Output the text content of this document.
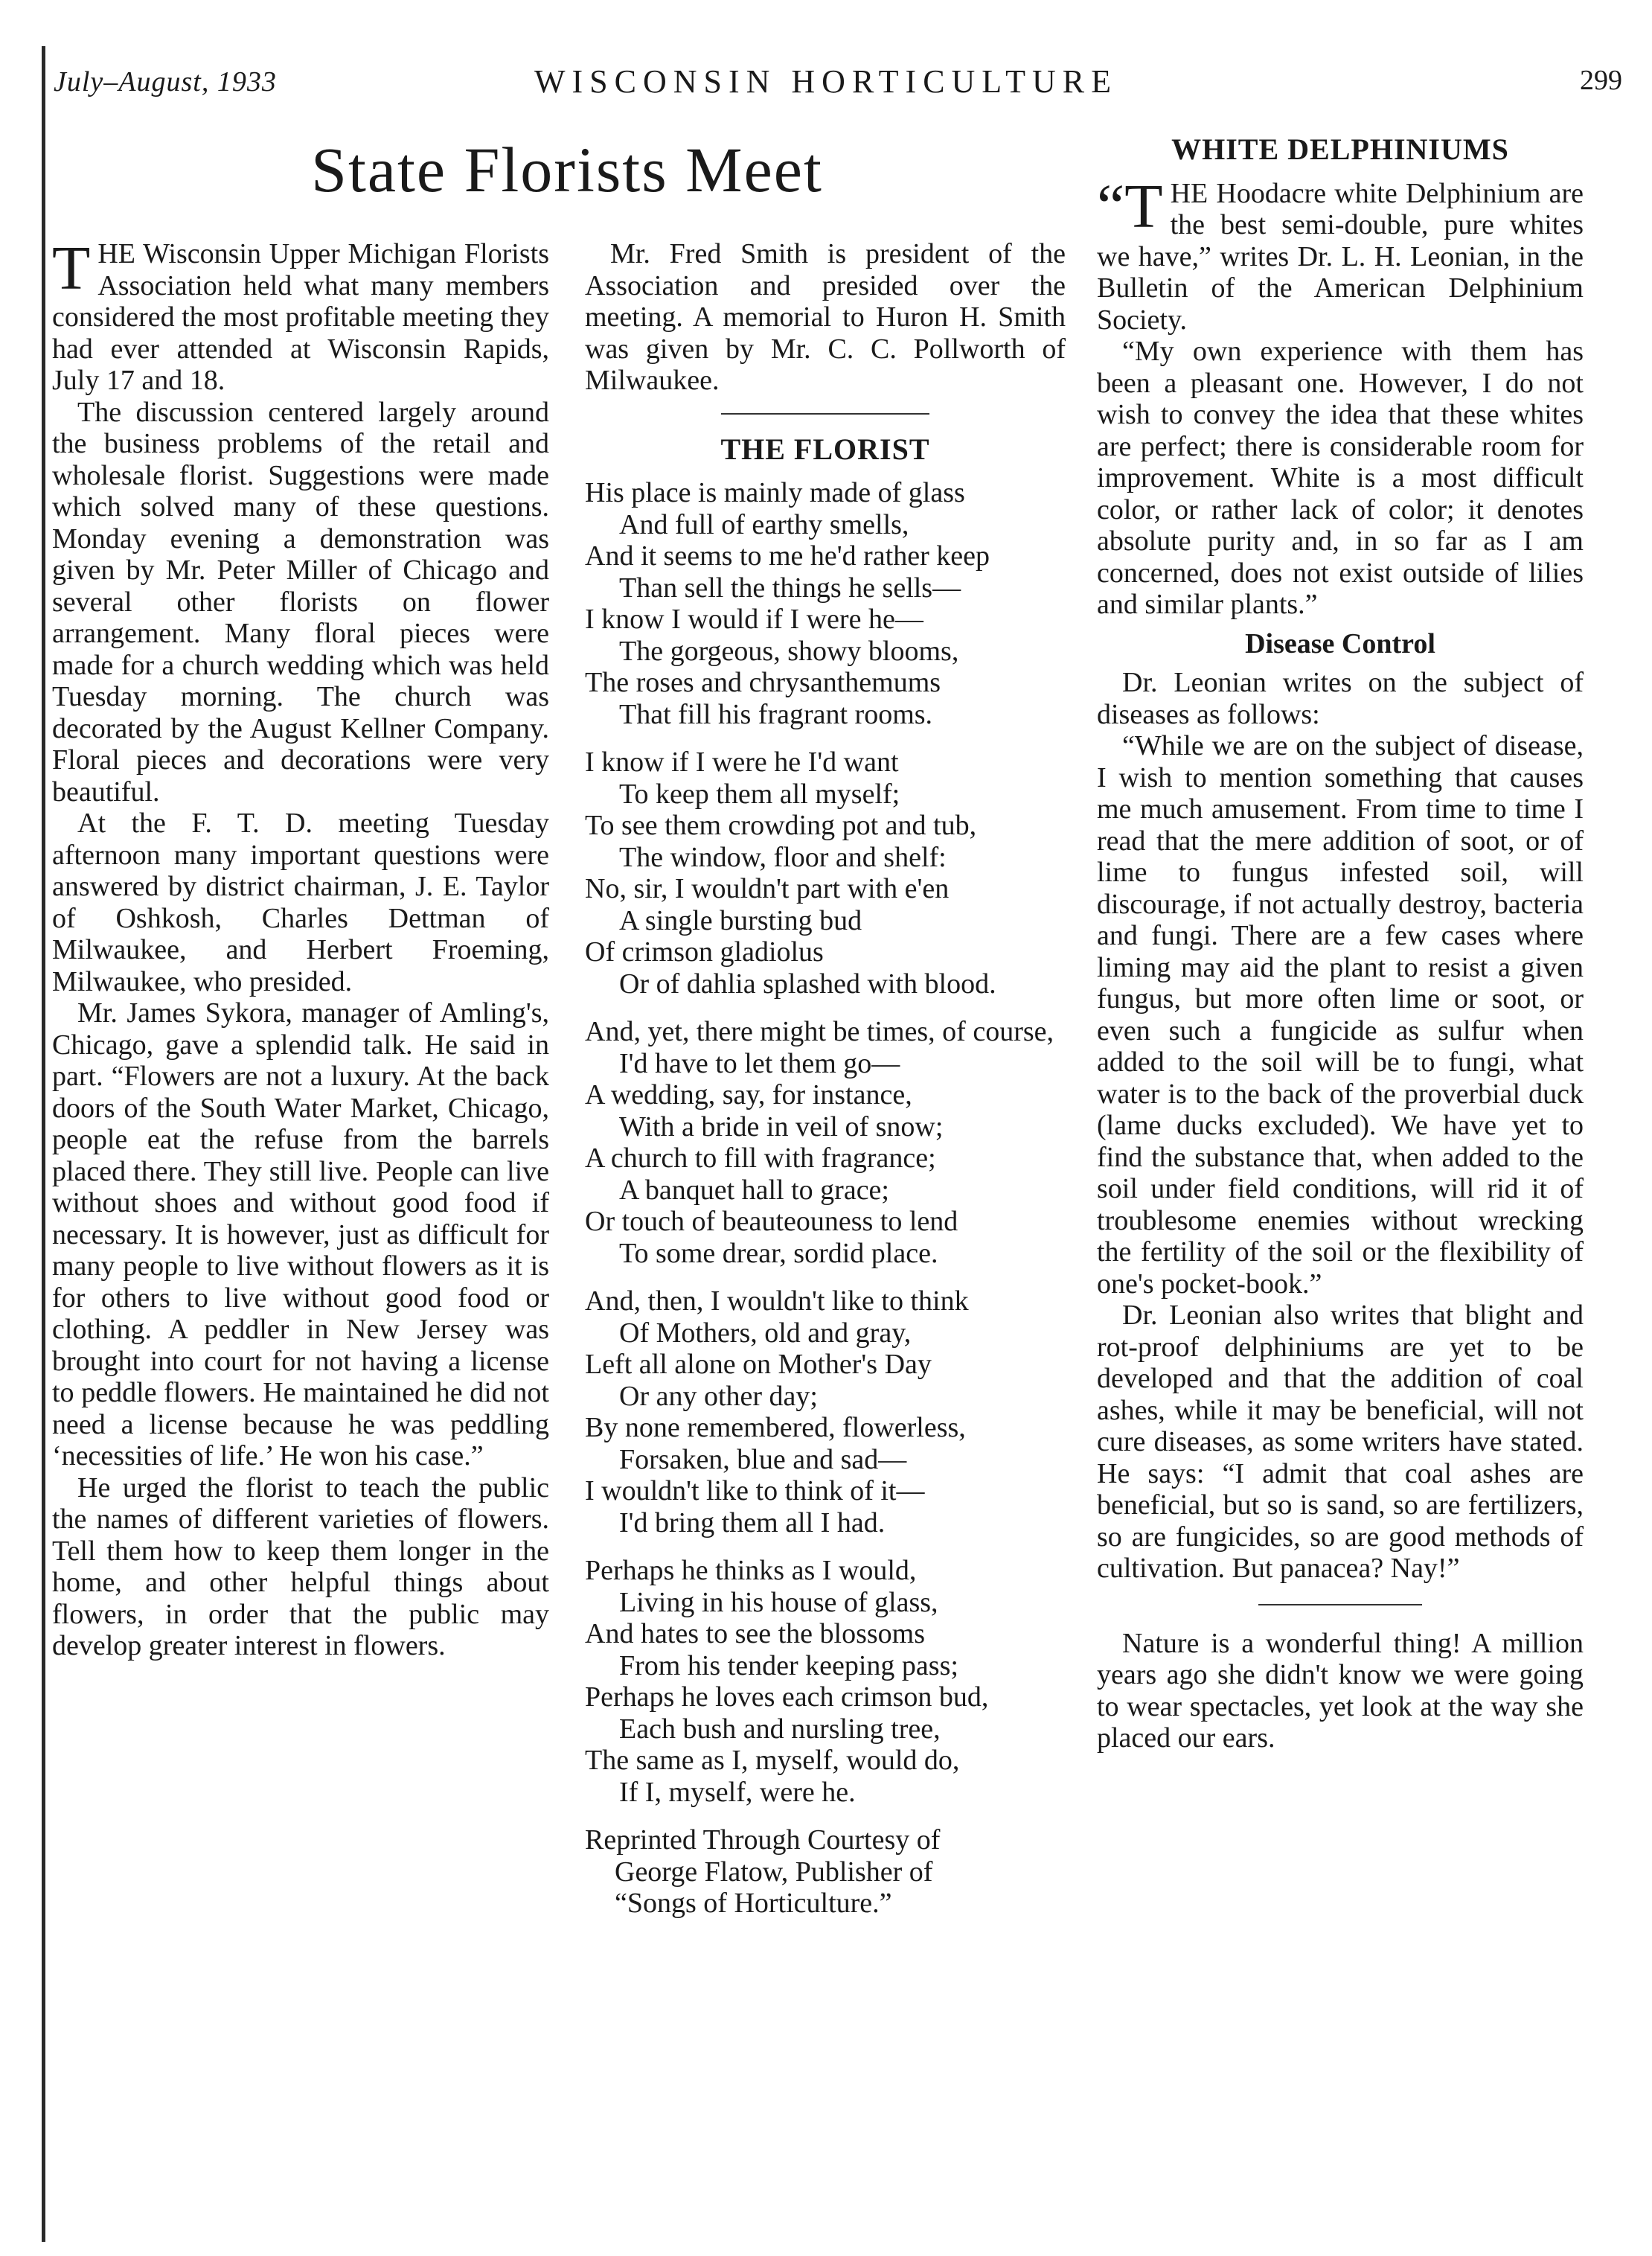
July–August, 1933	WISCONSIN HORTICULTURE	299
State Florists Meet

THE Wisconsin Upper Michigan Florists Association held what many members considered the most profitable meeting they had ever attended at Wisconsin Rapids, July 17 and 18.

The discussion centered largely around the business problems of the retail and wholesale florist. Suggestions were made which solved many of these questions. Monday evening a demonstration was given by Mr. Peter Miller of Chicago and several other florists on flower arrangement. Many floral pieces were made for a church wedding which was held Tuesday morning. The church was decorated by the August Kellner Company. Floral pieces and decorations were very beautiful.

At the F. T. D. meeting Tuesday afternoon many important questions were answered by district chairman, J. E. Taylor of Oshkosh, Charles Dettman of Milwaukee, and Herbert Froeming, Milwaukee, who presided.

Mr. James Sykora, manager of Amling's, Chicago, gave a splendid talk. He said in part. “Flowers are not a luxury. At the back doors of the South Water Market, Chicago, people eat the refuse from the barrels placed there. They still live. People can live without shoes and without good food if necessary. It is however, just as difficult for many people to live without flowers as it is for others to live without good food or clothing. A peddler in New Jersey was brought into court for not having a license to peddle flowers. He maintained he did not need a license because he was peddling ‘necessities of life.’ He won his case.”

He urged the florist to teach the public the names of different varieties of flowers. Tell them how to keep them longer in the home, and other helpful things about flowers, in order that the public may develop greater interest in flowers.

Mr. Fred Smith is president of the Association and presided over the meeting. A memorial to Huron H. Smith was given by Mr. C. C. Pollworth of Milwaukee.

THE FLORIST
His place is mainly made of glass
And full of earthy smells,
And it seems to me he'd rather keep
Than sell the things he sells—
I know I would if I were he—
The gorgeous, showy blooms,
The roses and chrysanthemums
That fill his fragrant rooms.
I know if I were he I'd want
To keep them all myself;
To see them crowding pot and tub,
The window, floor and shelf:
No, sir, I wouldn't part with e'en
A single bursting bud
Of crimson gladiolus
Or of dahlia splashed with blood.
And, yet, there might be times, of course,
I'd have to let them go—
A wedding, say, for instance,
With a bride in veil of snow;
A church to fill with fragrance;
A banquet hall to grace;
Or touch of beauteouness to lend
To some drear, sordid place.
And, then, I wouldn't like to think
Of Mothers, old and gray,
Left all alone on Mother's Day
Or any other day;
By none remembered, flowerless,
Forsaken, blue and sad—
I wouldn't like to think of it—
I'd bring them all I had.
Perhaps he thinks as I would,
Living in his house of glass,
And hates to see the blossoms
From his tender keeping pass;
Perhaps he loves each crimson bud,
Each bush and nursling tree,
The same as I, myself, would do,
If I, myself, were he.

Reprinted Through Courtesy of

George Flatow, Publisher of

“Songs of Horticulture.”

WHITE DELPHINIUMS

“THE Hoodacre white Delphinium are the best semi-double, pure whites we have,” writes Dr. L. H. Leonian, in the Bulletin of the American Delphinium Society.

“My own experience with them has been a pleasant one. However, I do not wish to convey the idea that these whites are perfect; there is considerable room for improvement. White is a most difficult color, or rather lack of color; it denotes absolute purity and, in so far as I am concerned, does not exist outside of lilies and similar plants.”

Disease Control

Dr. Leonian writes on the subject of diseases as follows:

“While we are on the subject of disease, I wish to mention something that causes me much amusement. From time to time I read that the mere addition of soot, or of lime to fungus infested soil, will discourage, if not actually destroy, bacteria and fungi. There are a few cases where liming may aid the plant to resist a given fungus, but more often lime or soot, or even such a fungicide as sulfur when added to the soil will be to fungi, what water is to the back of the proverbial duck (lame ducks excluded). We have yet to find the substance that, when added to the soil under field conditions, will rid it of troublesome enemies without wrecking the fertility of the soil or the flexibility of one's pocket-book.”

Dr. Leonian also writes that blight and rot-proof delphiniums are yet to be developed and that the addition of coal ashes, while it may be beneficial, will not cure diseases, as some writers have stated. He says: “I admit that coal ashes are beneficial, but so is sand, so are fertilizers, so are fungicides, so are good methods of cultivation. But panacea? Nay!”

Nature is a wonderful thing! A million years ago she didn't know we were going to wear spectacles, yet look at the way she placed our ears.
